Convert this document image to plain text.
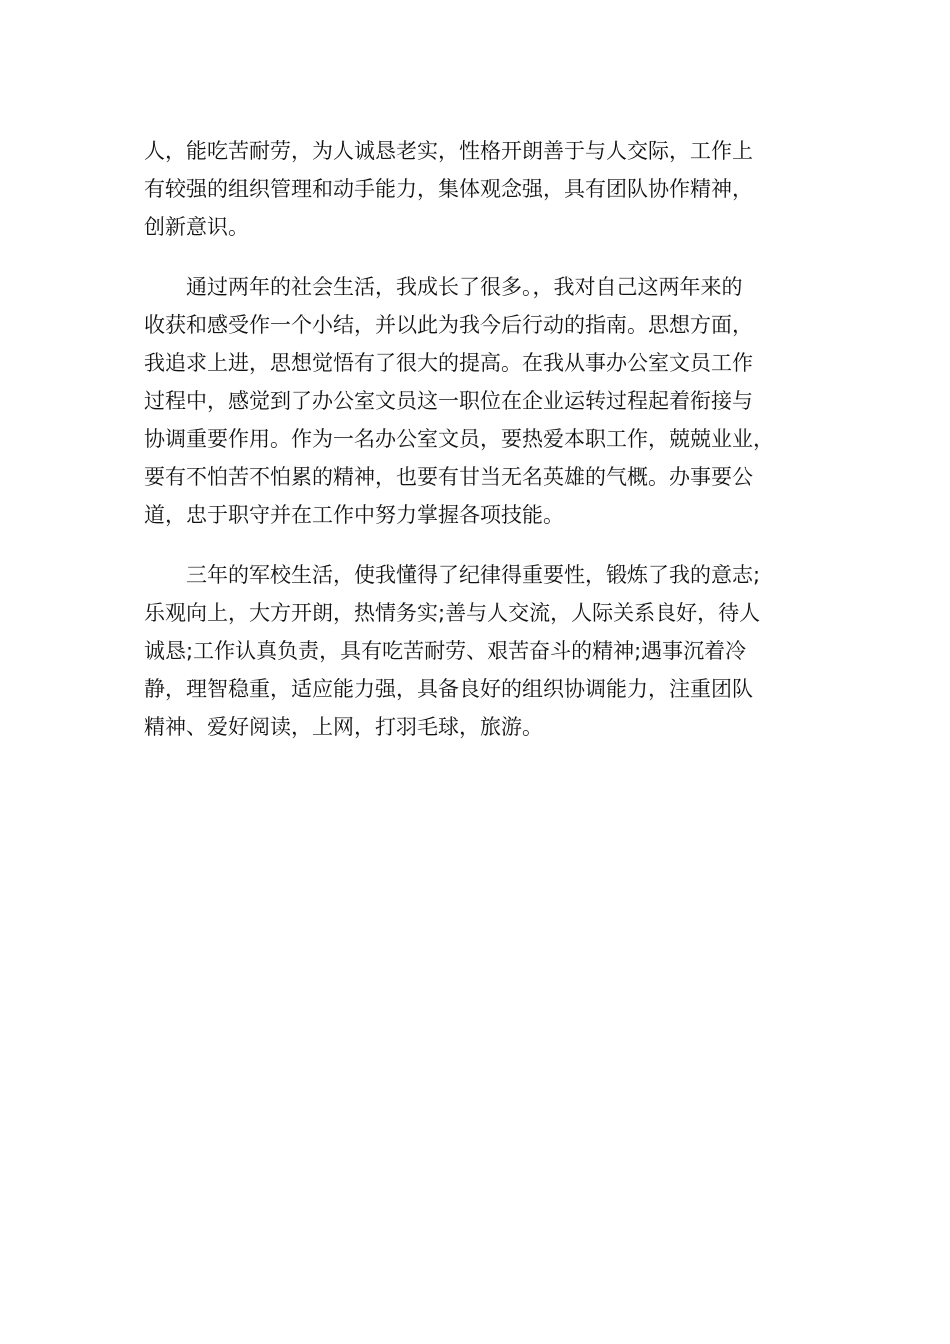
人，能吃苦耐劳，为人诚恳老实，性格开朗善于与人交际，工作上
有较强的组织管理和动手能力，集体观念强，具有团队协作精神，
创新意识。
　　通过两年的社会生活，我成长了很多。，我对自己这两年来的
收获和感受作一个小结，并以此为我今后行动的指南。思想方面，
我追求上进，思想觉悟有了很大的提高。在我从事办公室文员工作
过程中，感觉到了办公室文员这一职位在企业运转过程起着衔接与
协调重要作用。作为一名办公室文员，要热爱本职工作，兢兢业业，
要有不怕苦不怕累的精神，也要有甘当无名英雄的气概。办事要公
道，忠于职守并在工作中努力掌握各项技能。
　　三年的军校生活，使我懂得了纪律得重要性，锻炼了我的意志;
乐观向上，大方开朗，热情务实;善与人交流，人际关系良好，待人
诚恳;工作认真负责，具有吃苦耐劳、艰苦奋斗的精神;遇事沉着冷
静，理智稳重，适应能力强，具备良好的组织协调能力，注重团队
精神、爱好阅读，上网，打羽毛球，旅游。
